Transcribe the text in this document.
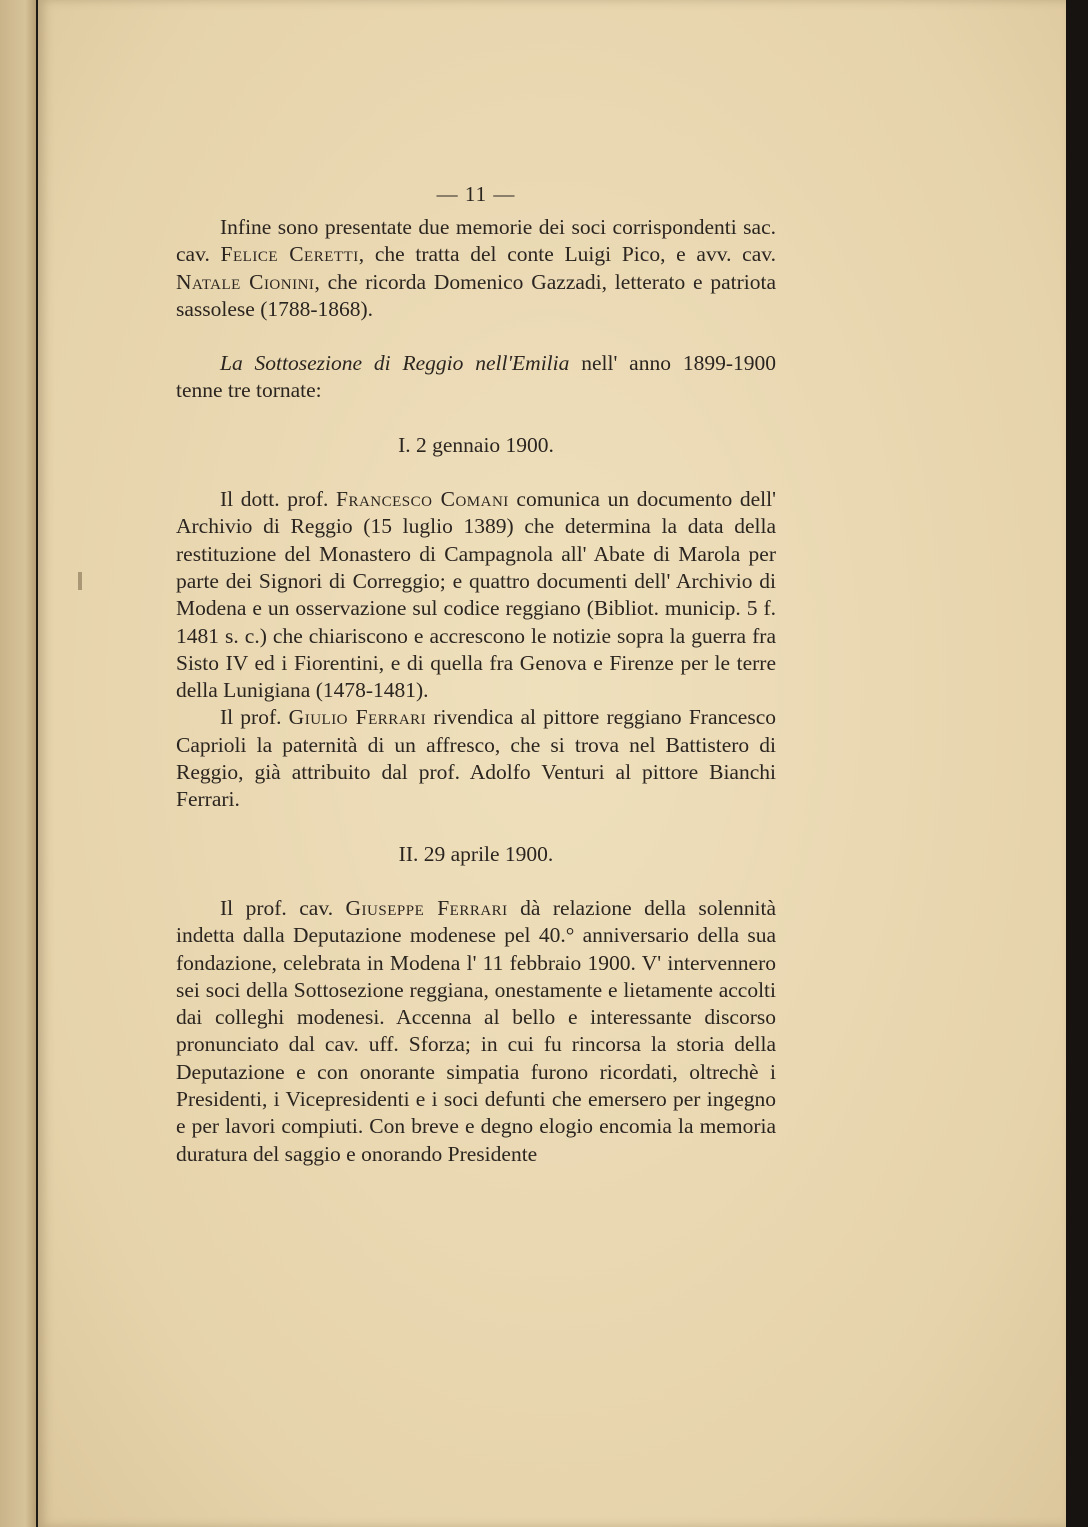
— 11 —

Infine sono presentate due memorie dei soci corrispondenti sac. cav. Felice Ceretti, che tratta del conte Luigi Pico, e avv. cav. Natale Cionini, che ricorda Domenico Gazzadi, letterato e patriota sassolese (1788-1868).

La Sottosezione di Reggio nell'Emilia nell' anno 1899-1900 tenne tre tornate:

I. 2 gennaio 1900.

Il dott. prof. Francesco Comani comunica un documento dell' Archivio di Reggio (15 luglio 1389) che determina la data della restituzione del Monastero di Campagnola all' Abate di Marola per parte dei Signori di Correggio; e quattro documenti dell' Archivio di Modena e un osservazione sul codice reggiano (Bibliot. municip. 5 f. 1481 s. c.) che chiariscono e accrescono le notizie sopra la guerra fra Sisto IV ed i Fiorentini, e di quella fra Genova e Firenze per le terre della Lunigiana (1478-1481).

Il prof. Giulio Ferrari rivendica al pittore reggiano Francesco Caprioli la paternità di un affresco, che si trova nel Battistero di Reggio, già attribuito dal prof. Adolfo Venturi al pittore Bianchi Ferrari.

II. 29 aprile 1900.

Il prof. cav. Giuseppe Ferrari dà relazione della solennità indetta dalla Deputazione modenese pel 40.° anniversario della sua fondazione, celebrata in Modena l' 11 febbraio 1900. V' intervennero sei soci della Sottosezione reggiana, onestamente e lietamente accolti dai colleghi modenesi. Accenna al bello e interessante discorso pronunciato dal cav. uff. Sforza; in cui fu rincorsa la storia della Deputazione e con onorante simpatia furono ricordati, oltrechè i Presidenti, i Vicepresidenti e i soci defunti che emersero per ingegno e per lavori compiuti. Con breve e degno elogio encomia la memoria duratura del saggio e onorando Presidente
